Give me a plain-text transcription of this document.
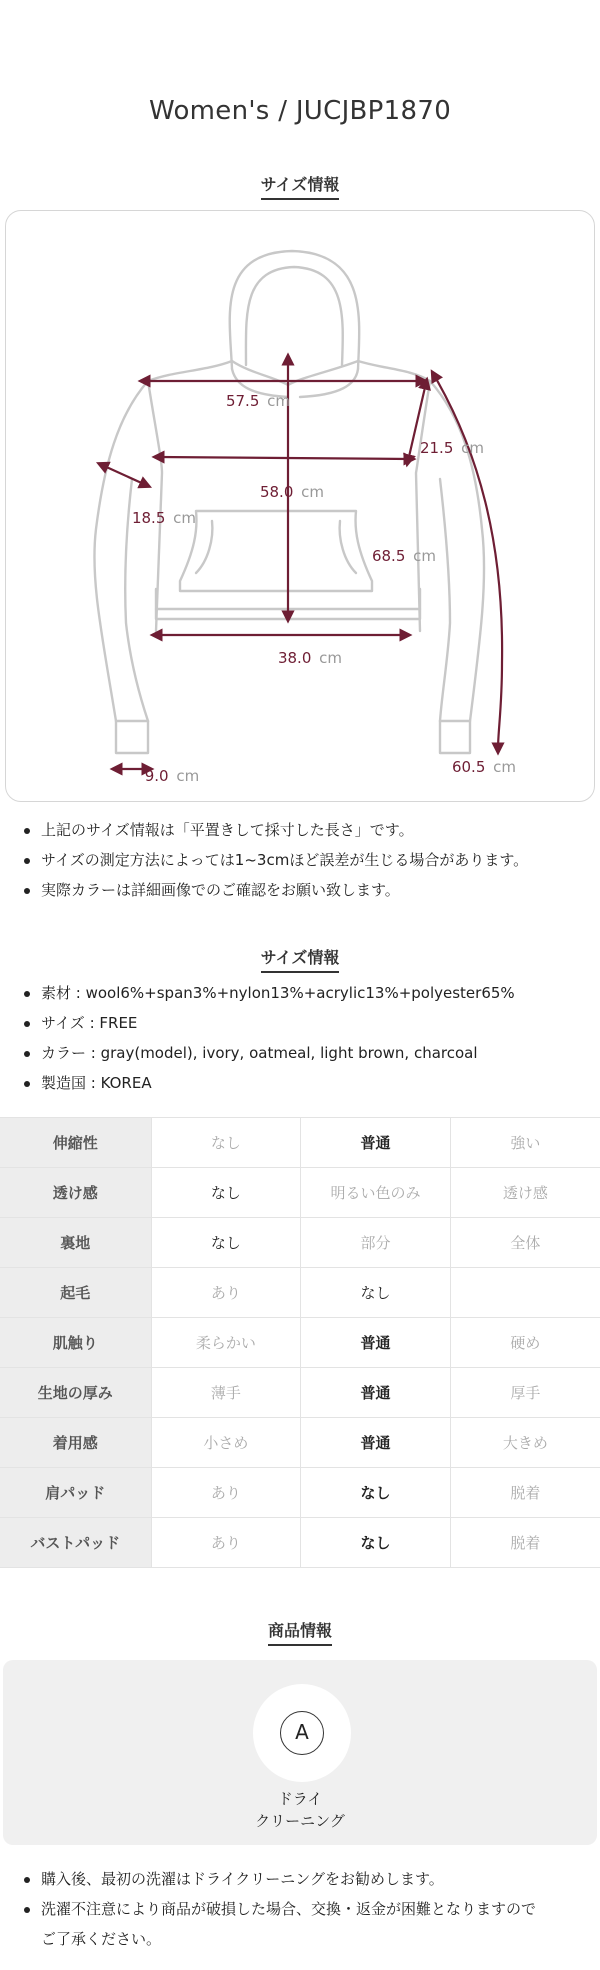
Women's / JUCJBP1870
サイズ情報
57.5 cm
21.5 cm
58.0 cm
18.5 cm
68.5 cm
38.0 cm
9.0 cm	60.5 cm
上記のサイズ情報は「平置きして採寸した長さ」です。
サイズの測定方法によっては1~3cmほど誤差が生じる場合があります。
実際カラーは詳細画像でのご確認をお願い致します。
サイズ情報
素材 : wool6%+span3%+nylon13%+acrylic13%+polyester65%
サイズ : FREE
カラー : gray(model), ivory, oatmeal, light brown, charcoal
製造国 : KOREA
伸縮性	なし	普通	強い
透け感	なし	明るい色のみ	透け感
裏地	なし	部分	全体
起毛	あり	なし	
肌触り	柔らかい	普通	硬め
生地の厚み	薄手	普通	厚手
着用感	小さめ	普通	大きめ
肩パッド	あり	なし	脱着
バストパッド	あり	なし	脱着
商品情報
A
ドライ
クリーニング
購入後、最初の洗濯はドライクリーニングをお勧めします。
洗濯不注意により商品が破損した場合、交換・返金が困難となりますので
ご了承ください。
